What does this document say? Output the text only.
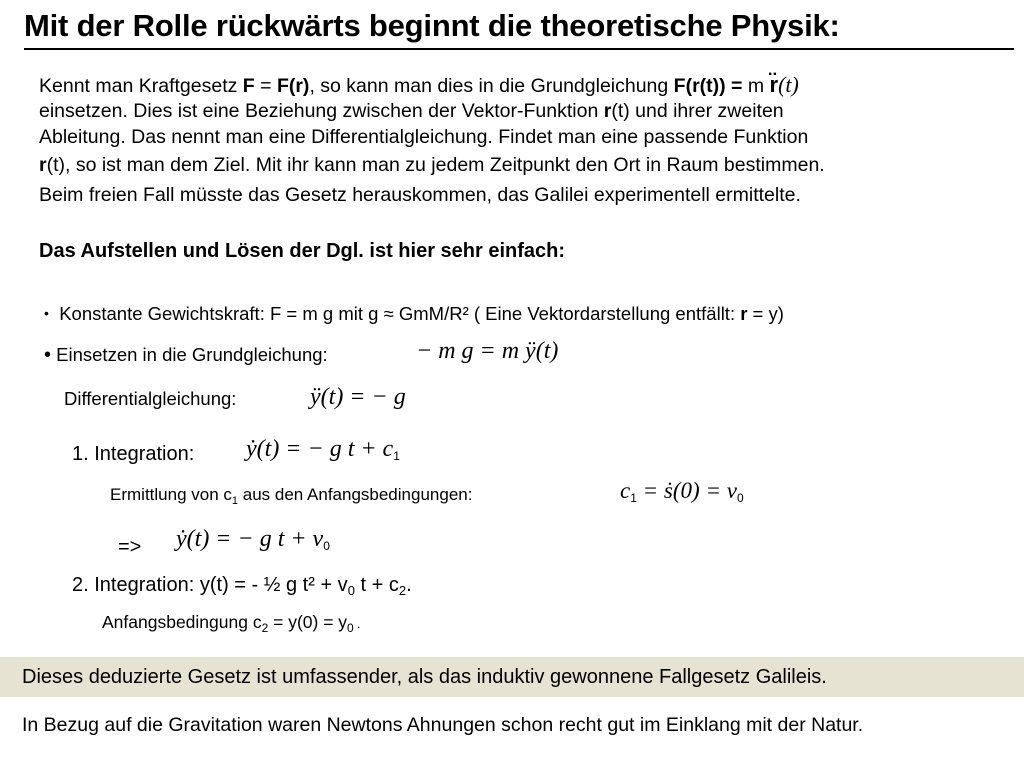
Mit der Rolle rückwärts beginnt die theoretische Physik:
Kennt man Kraftgesetz F = F(r), so kann man dies in die Grundgleichung F(r(t)) = m r̈(t)
einsetzen. Dies ist eine Beziehung zwischen der Vektor-Funktion r(t) und ihrer zweiten
Ableitung. Das nennt man eine Differentialgleichung. Findet man eine passende Funktion
r(t), so ist man dem Ziel. Mit ihr kann man zu jedem Zeitpunkt den Ort in Raum bestimmen.
Beim freien Fall müsste das Gesetz herauskommen, das Galilei experimentell ermittelte.
Das Aufstellen und Lösen der Dgl. ist hier sehr einfach:
• Konstante Gewichtskraft: F = m g mit g ≈ GmM/R² ( Eine Vektordarstellung entfällt: r = y)
• Einsetzen in die Grundgleichung:	− m g = m ÿ(t)
Differentialgleichung:	ÿ(t) = − g
1. Integration: ẏ(t) = − g $t + c_1$
Ermittlung von $c_1$ aus den Anfangsbedingungen:	$c_1$ = ṡ(0) = $v_0$
=> ẏ(t) = − g $t + v_0$
2. Integration: y(t) = - ½ g $t^2 + v_0$ $t + c_2$.
Anfangsbedingung $c_2 = y(0) = y_0$ .
Dieses deduzierte Gesetz ist umfassender, als das induktiv gewonnene Fallgesetz Galileis.
In Bezug auf die Gravitation waren Newtons Ahnungen schon recht gut im Einklang mit der Natur.
